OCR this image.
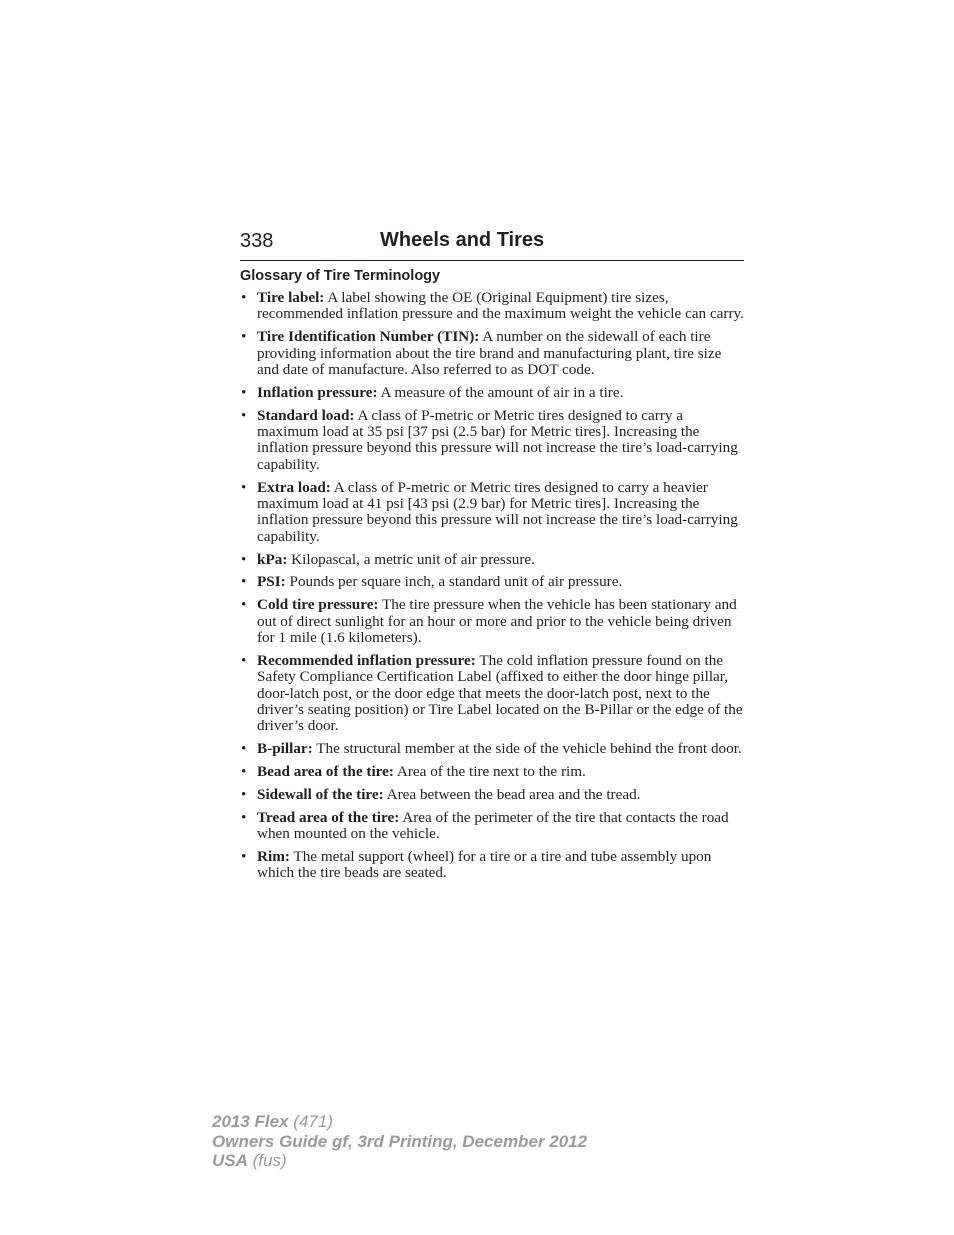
338	Wheels and Tires
Glossary of Tire Terminology
• Tire label: A label showing the OE (Original Equipment) tire sizes, recommended inflation pressure and the maximum weight the vehicle can carry.
• Tire Identification Number (TIN): A number on the sidewall of each tire providing information about the tire brand and manufacturing plant, tire size and date of manufacture. Also referred to as DOT code.
• Inflation pressure: A measure of the amount of air in a tire.
• Standard load: A class of P-metric or Metric tires designed to carry a maximum load at 35 psi [37 psi (2.5 bar) for Metric tires]. Increasing the inflation pressure beyond this pressure will not increase the tire’s load-carrying capability.
• Extra load: A class of P-metric or Metric tires designed to carry a heavier maximum load at 41 psi [43 psi (2.9 bar) for Metric tires]. Increasing the inflation pressure beyond this pressure will not increase the tire’s load-carrying capability.
• kPa: Kilopascal, a metric unit of air pressure.
• PSI: Pounds per square inch, a standard unit of air pressure.
• Cold tire pressure: The tire pressure when the vehicle has been stationary and out of direct sunlight for an hour or more and prior to the vehicle being driven for 1 mile (1.6 kilometers).
• Recommended inflation pressure: The cold inflation pressure found on the Safety Compliance Certification Label (affixed to either the door hinge pillar, door-latch post, or the door edge that meets the door-latch post, next to the driver’s seating position) or Tire Label located on the B-Pillar or the edge of the driver’s door.
• B-pillar: The structural member at the side of the vehicle behind the front door.
• Bead area of the tire: Area of the tire next to the rim.
• Sidewall of the tire: Area between the bead area and the tread.
• Tread area of the tire: Area of the perimeter of the tire that contacts the road when mounted on the vehicle.
• Rim: The metal support (wheel) for a tire or a tire and tube assembly upon which the tire beads are seated.
2013 Flex (471)
Owners Guide gf, 3rd Printing, December 2012
USA (fus)
